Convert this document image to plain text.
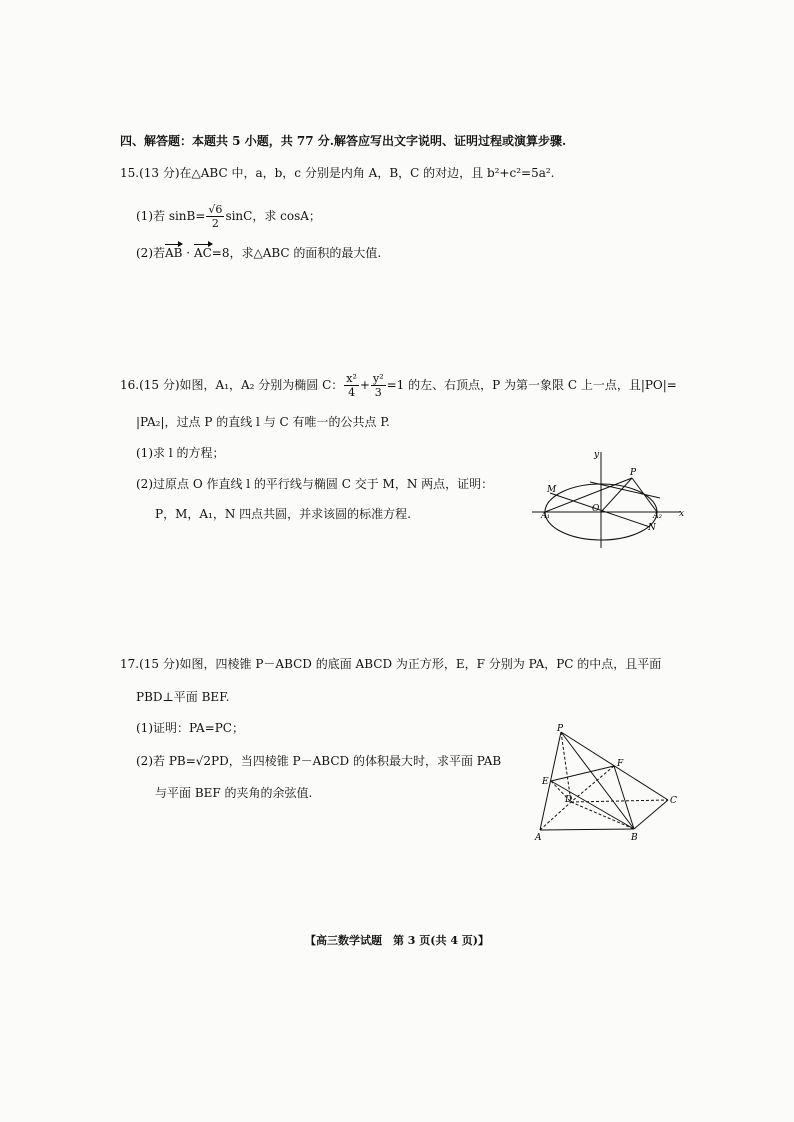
四、解答题：本题共 5 小题，共 77 分.解答应写出文字说明、证明过程或演算步骤.
15.(13 分)在△ABC 中，a，b，c 分别是内角 A，B，C 的对边，且 b²+c²=5a².
(1)若 $\sin B= \frac{√6}{2}$ sinC，求 cosA；
(2)若AB · AC=8，求△ABC 的面积的最大值.
16.(15 分)如图，A₁，A₂ 分别为椭圆 C： $\frac{\text{x²}}{4} + \frac{\text{y²}}{3} =1$ 的左、右顶点，P 为第一象限 C 上一点，且|PO|=
|PA₂|，过点 P 的直线 l 与 C 有唯一的公共点 P.
(1)求 l 的方程；
(2)过原点 O 作直线 l 的平行线与椭圆 C 交于 M，N 两点，证明：
P，M，A₁，N 四点共圆，并求该圆的标准方程.
y
x
P
M
N
O
A₁	A₂
17.(15 分)如图，四棱锥 P－ABCD 的底面 ABCD 为正方形，E，F 分别为 PA，PC 的中点，且平面
PBD⊥平面 BEF.
(1)证明：PA=PC；
(2)若 PB=√2PD，当四棱锥 P－ABCD 的体积最大时，求平面 PAB
与平面 BEF 的夹角的余弦值.
P
E
F
D	C
A	B
【高三数学试题　第 3 页(共 4 页)】
